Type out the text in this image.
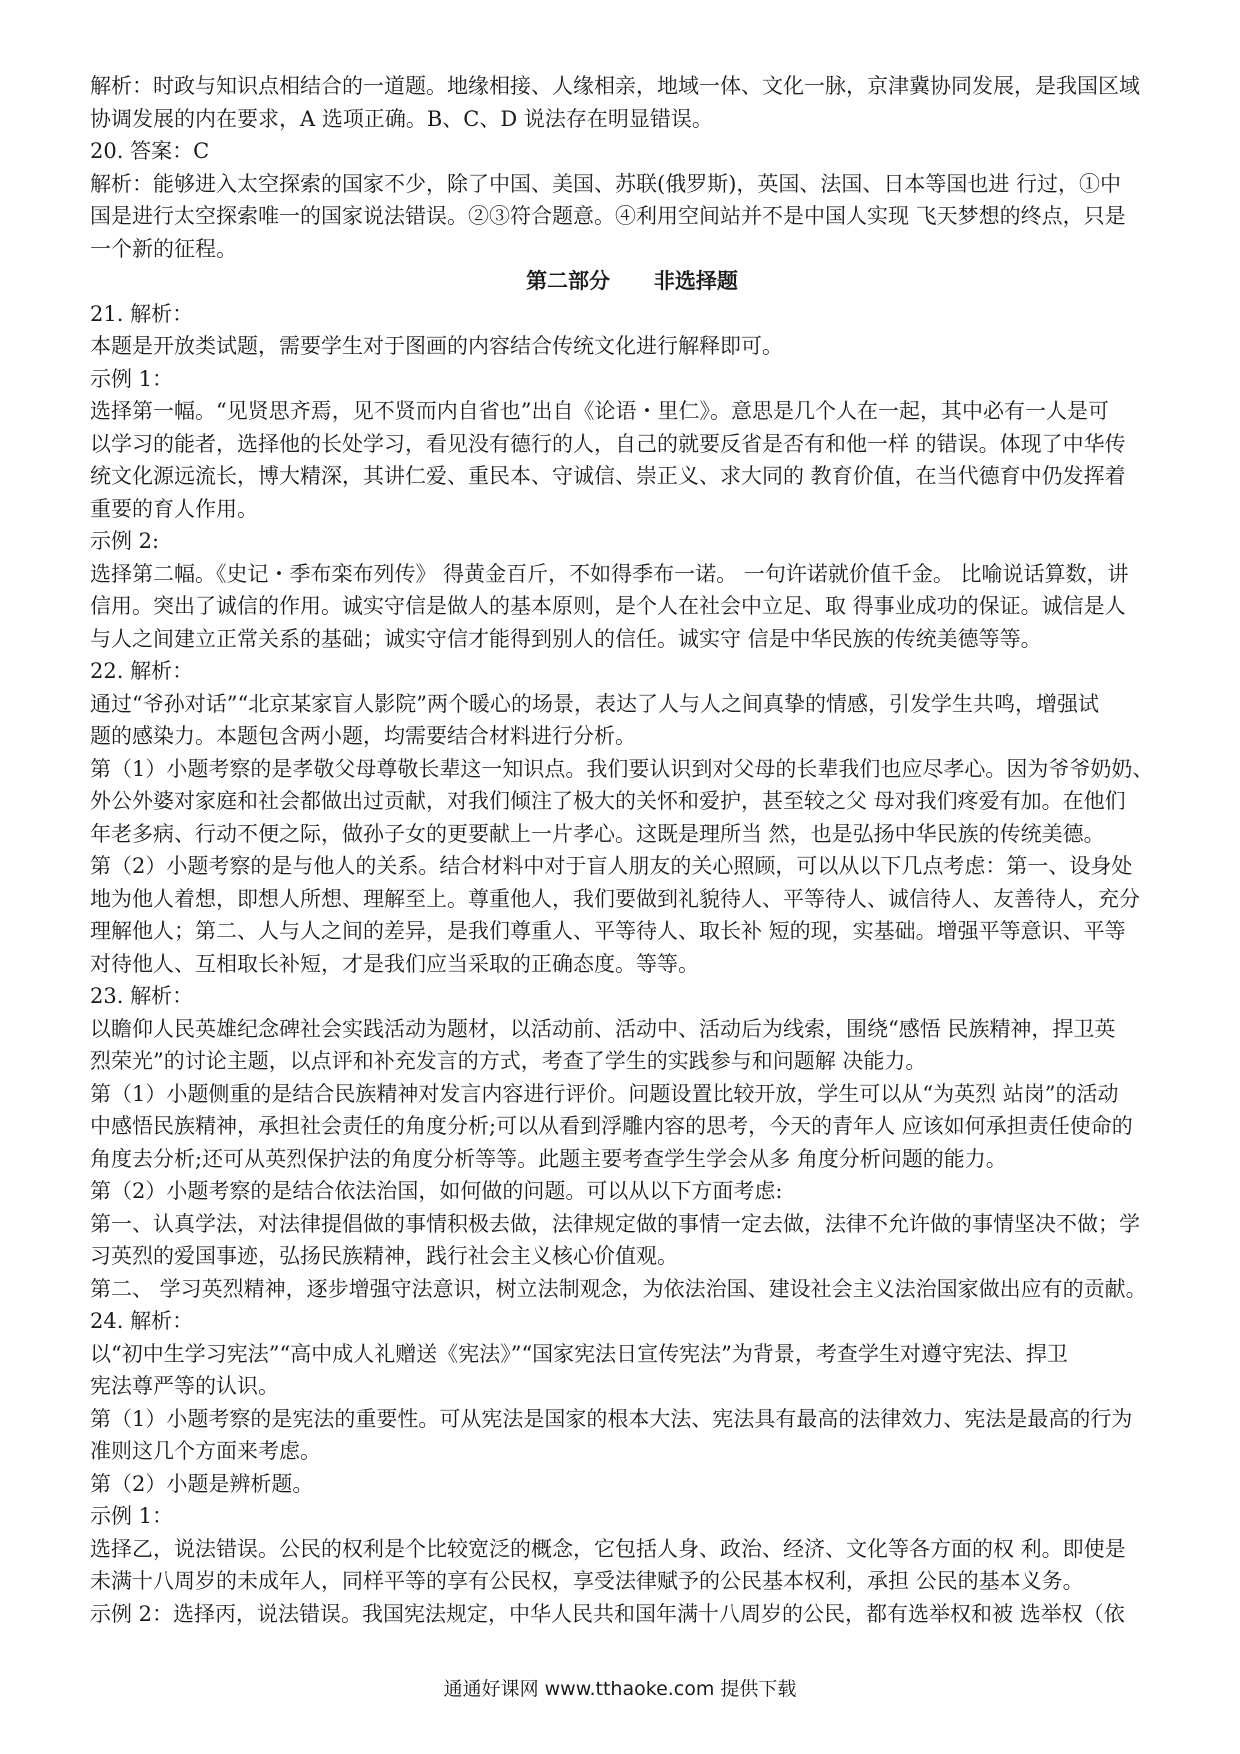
解析：时政与知识点相结合的一道题。地缘相接、人缘相亲，地域一体、文化一脉，京津冀协同发展，是我国区域
协调发展的内在要求，A 选项正确。B、C、D 说法存在明显错误。
20. 答案：C
解析：能够进入太空探索的国家不少，除了中国、美国、苏联(俄罗斯)，英国、法国、日本等国也进 行过，①中
国是进行太空探索唯一的国家说法错误。②③符合题意。④利用空间站并不是中国人实现 飞天梦想的终点，只是
一个新的征程。
第二部分      非选择题
21. 解析：
本题是开放类试题，需要学生对于图画的内容结合传统文化进行解释即可。
示例 1：
选择第一幅。“见贤思齐焉，见不贤而内自省也”出自《论语・里仁》。意思是几个人在一起，其中必有一人是可
以学习的能者，选择他的长处学习，看见没有德行的人，自己的就要反省是否有和他一样 的错误。体现了中华传
统文化源远流长，博大精深，其讲仁爱、重民本、守诚信、崇正义、求大同的 教育价值，在当代德育中仍发挥着
重要的育人作用。
示例 2:
选择第二幅。《史记・季布栾布列传》 得黄金百斤，不如得季布一诺。 一句许诺就价值千金。 比喻说话算数，讲
信用。突出了诚信的作用。诚实守信是做人的基本原则，是个人在社会中立足、取 得事业成功的保证。诚信是人
与人之间建立正常关系的基础；诚实守信才能得到别人的信任。诚实守 信是中华民族的传统美德等等。
22. 解析：
通过“爷孙对话”“北京某家盲人影院”两个暖心的场景，表达了人与人之间真挚的情感，引发学生共鸣，增强试
题的感染力。本题包含两小题，均需要结合材料进行分析。
第（1）小题考察的是孝敬父母尊敬长辈这一知识点。我们要认识到对父母的长辈我们也应尽孝心。因为爷爷奶奶、
外公外婆对家庭和社会都做出过贡献，对我们倾注了极大的关怀和爱护，甚至较之父 母对我们疼爱有加。在他们
年老多病、行动不便之际，做孙子女的更要献上一片孝心。这既是理所当 然，也是弘扬中华民族的传统美德。
第（2）小题考察的是与他人的关系。结合材料中对于盲人朋友的关心照顾，可以从以下几点考虑：第一、设身处
地为他人着想，即想人所想、理解至上。尊重他人，我们要做到礼貌待人、平等待人、诚信待人、友善待人，充分
理解他人；第二、人与人之间的差异，是我们尊重人、平等待人、取长补 短的现，实基础。增强平等意识、平等
对待他人、互相取长补短，才是我们应当采取的正确态度。等等。
23. 解析：
以瞻仰人民英雄纪念碑社会实践活动为题材，以活动前、活动中、活动后为线索，围绕“感悟 民族精神，捍卫英
烈荣光”的讨论主题，以点评和补充发言的方式，考查了学生的实践参与和问题解 决能力。
第（1）小题侧重的是结合民族精神对发言内容进行评价。问题设置比较开放，学生可以从“为英烈 站岗”的活动
中感悟民族精神，承担社会责任的角度分析;可以从看到浮雕内容的思考，今天的青年人 应该如何承担责任使命的
角度去分析;还可从英烈保护法的角度分析等等。此题主要考查学生学会从多 角度分析问题的能力。
第（2）小题考察的是结合依法治国，如何做的问题。可以从以下方面考虑:
第一、认真学法，对法律提倡做的事情积极去做，法律规定做的事情一定去做，法律不允许做的事情坚决不做；学
习英烈的爱国事迹，弘扬民族精神，践行社会主义核心价值观。
第二、 学习英烈精神，逐步增强守法意识，树立法制观念，为依法治国、建设社会主义法治国家做出应有的贡献。
24. 解析：
以“初中生学习宪法”“高中成人礼赠送《宪法》”“国家宪法日宣传宪法”为背景，考查学生对遵守宪法、捍卫
宪法尊严等的认识。
第（1）小题考察的是宪法的重要性。可从宪法是国家的根本大法、宪法具有最高的法律效力、宪法是最高的行为
准则这几个方面来考虑。
第（2）小题是辨析题。
示例 1：
选择乙，说法错误。公民的权利是个比较宽泛的概念，它包括人身、政治、经济、文化等各方面的权 利。即使是
未满十八周岁的未成年人，同样平等的享有公民权，享受法律赋予的公民基本权利，承担 公民的基本义务。
示例 2：选择丙，说法错误。我国宪法规定，中华人民共和国年满十八周岁的公民，都有选举权和被 选举权（依
通通好课网 www.tthaoke.com 提供下载
